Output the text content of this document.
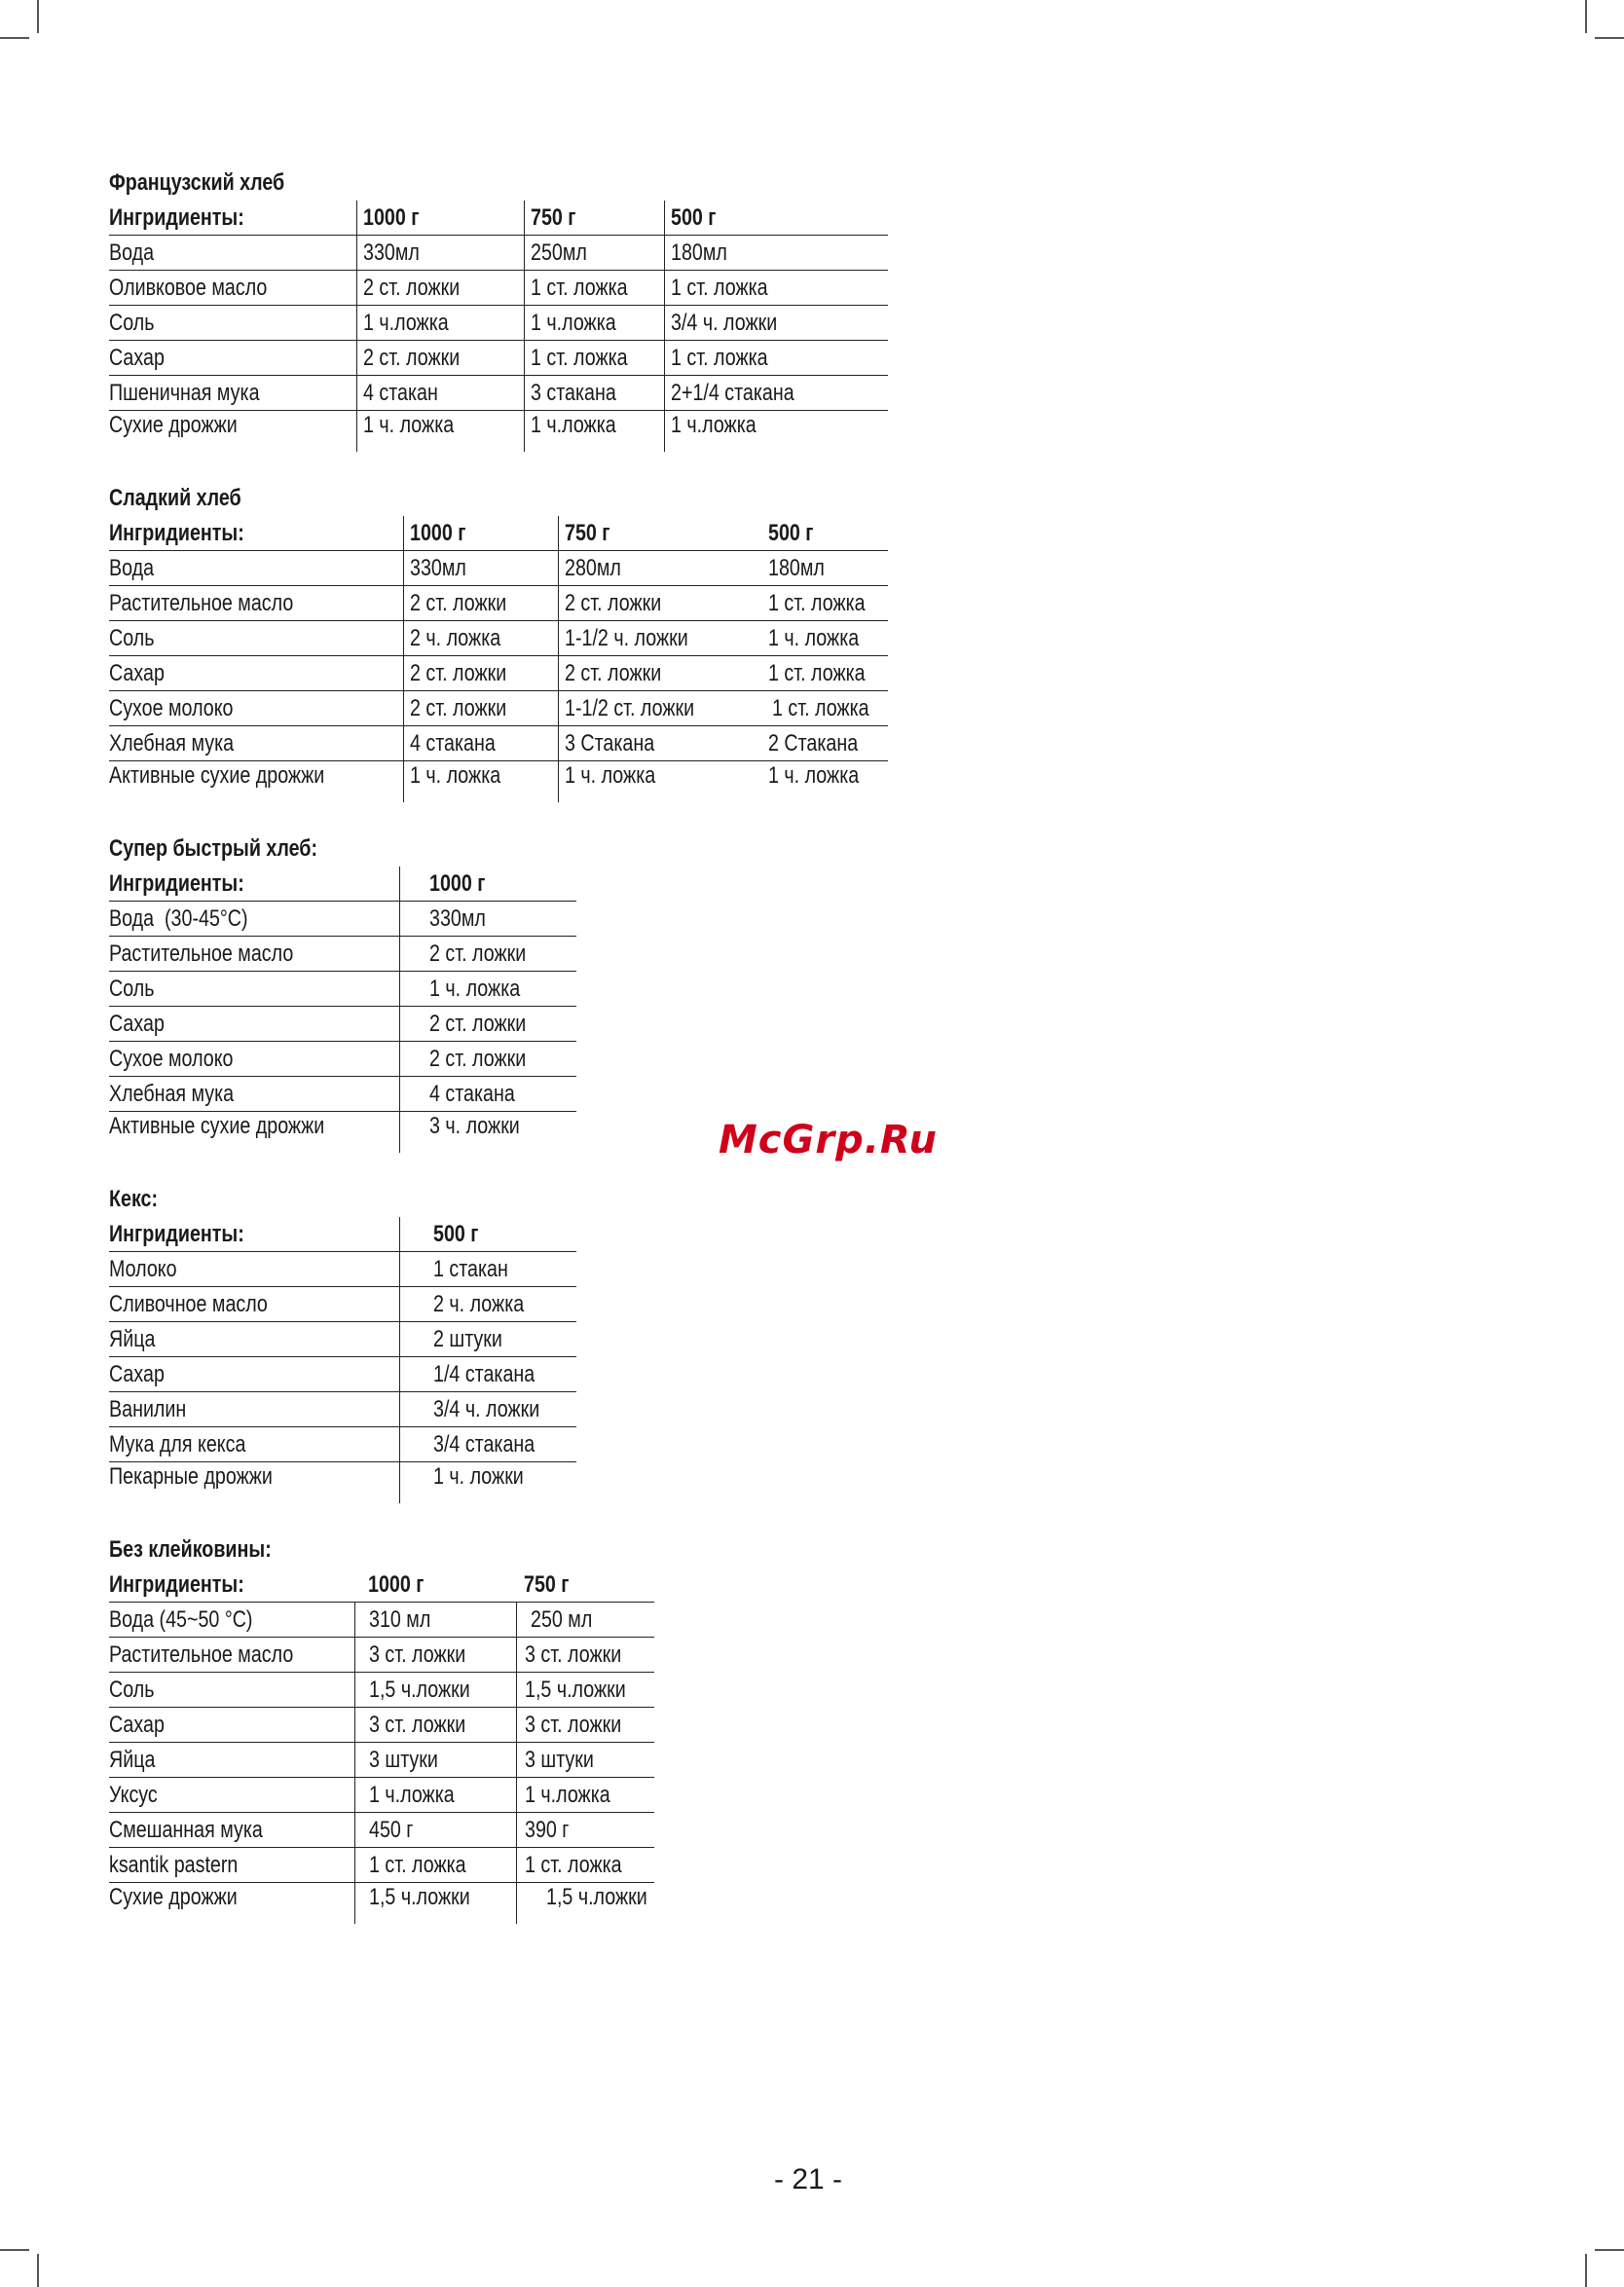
Французский хлеб
Ингридиенты:	1000 г	750 г	500 г
Вода	330мл	250мл	180мл
Оливковое масло	2 ст. ложки	1 ст. ложка	1 ст. ложка
Соль	1 ч.ложка	1 ч.ложка	3/4 ч. ложки
Сахар	2 ст. ложки	1 ст. ложка	1 ст. ложка
Пшеничная мука	4 стакан	3 стакана	2+1/4 стакана
Сухие дрожжи	1 ч. ложка	1 ч.ложка	1 ч.ложка
Сладкий хлеб
Ингридиенты:	1000 г	750 г	500 г
Вода	330мл	280мл	180мл
Растительное масло	2 ст. ложки	2 ст. ложки	1 ст. ложка
Соль	2 ч. ложка	1-1/2 ч. ложки	1 ч. ложка
Сахар	2 ст. ложки	2 ст. ложки	1 ст. ложка
Сухое молоко	2 ст. ложки	1-1/2 ст. ложки	1 ст. ложка
Хлебная мука	4 стакана	3 Стакана	2 Стакана
Активные сухие дрожжи	1 ч. ложка	1 ч. ложка	1 ч. ложка
Супер быстрый хлеб:
Ингридиенты:	1000 г
Вода  (30-45°C)	330мл
Растительное масло	2 ст. ложки
Соль	1 ч. ложка
Сахар	2 ст. ложки
Сухое молоко	2 ст. ложки
Хлебная мука	4 стакана
Активные сухие дрожжи	3 ч. ложки
Кекс:
Ингридиенты:	500 г
Молоко	1 стакан
Сливочное масло	2 ч. ложка
Яйца	2 штуки
Сахар	1/4 стакана
Ванилин	3/4 ч. ложки
Мука для кекса	3/4 стакана
Пекарные дрожжи	1 ч. ложки
Без клейковины:
Ингридиенты:	1000 г	750 г
Вода (45~50 °C)	310 мл	250 мл
Растительное масло	3 ст. ложки	3 ст. ложки
Соль	1,5 ч.ложки	1,5 ч.ложки
Сахар	3 ст. ложки	3 ст. ложки
Яйца	3 штуки	3 штуки
Уксус	1 ч.ложка	1 ч.ложка
Смешанная мука	450 г	390 г
ksantik pastern	1 ст. ложка	1 ст. ложка
Сухие дрожжи	1,5 ч.ложки	1,5 ч.ложки
McGrp.Ru
- 21 -
